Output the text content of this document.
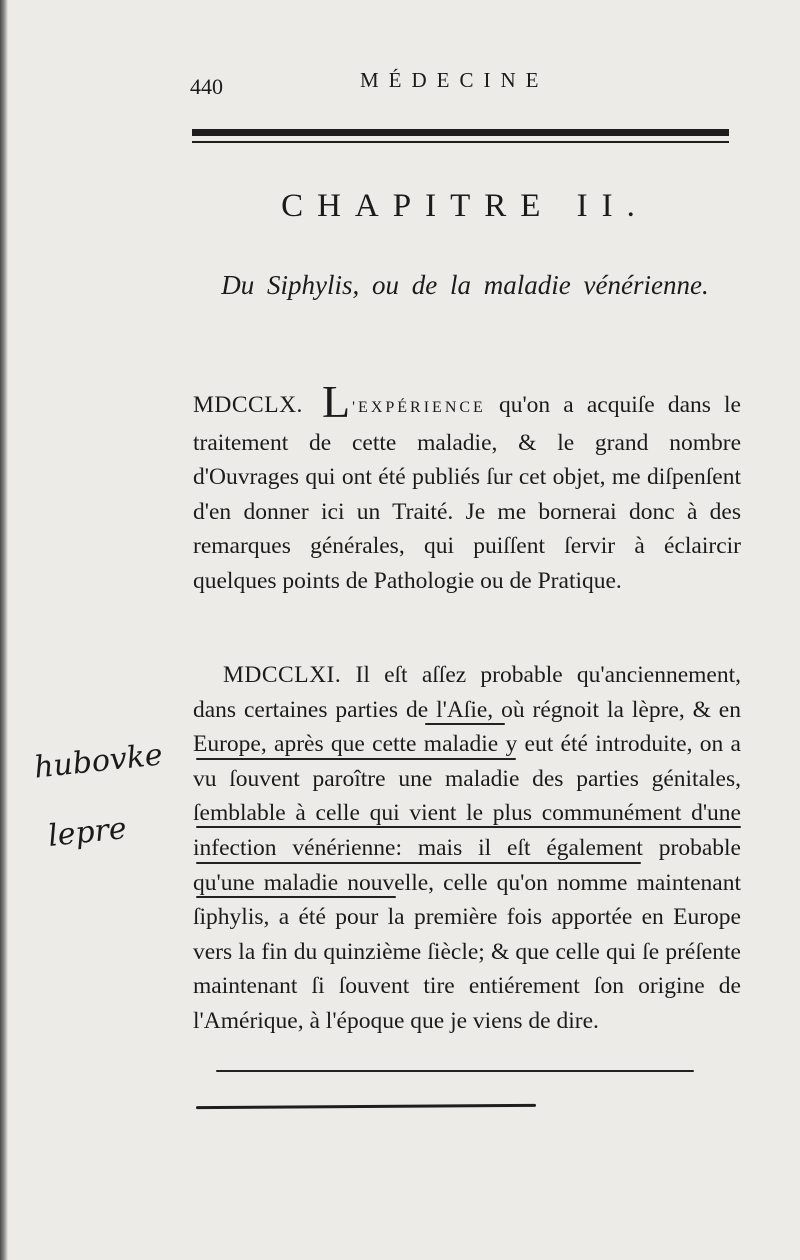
440	MÉDECINE
CHAPITRE II.
Du Siphylis, ou de la maladie vénérienne.
MDCCLX. L 'EXPÉRIENCE qu'on a acquiſe dans le traitement de cette maladie, & le grand nombre d'Ouvrages qui ont été publiés ſur cet objet, me diſpenſent d'en donner ici un Traité. Je me bornerai donc à des remarques générales, qui puiſſent ſervir à éclaircir quelques points de Pathologie ou de Pratique.
MDCCLXI. Il eſt aſſez probable qu'anciennement, dans certaines parties de l'Aſie, où régnoit la lèpre, & en Europe, après que cette maladie y eut été introduite, on a vu ſouvent paroître une maladie des parties génitales, ſemblable à celle qui vient le plus communément d'une infection vénérienne: mais il eſt également probable qu'une maladie nouvelle, celle qu'on nomme maintenant ſiphylis, a été pour la première fois apportée en Europe vers la fin du quinzième ſiècle; & que celle qui ſe préſente maintenant ſi ſouvent tire entiérement ſon origine de l'Amérique, à l'époque que je viens de dire.
hubovke
lepre
